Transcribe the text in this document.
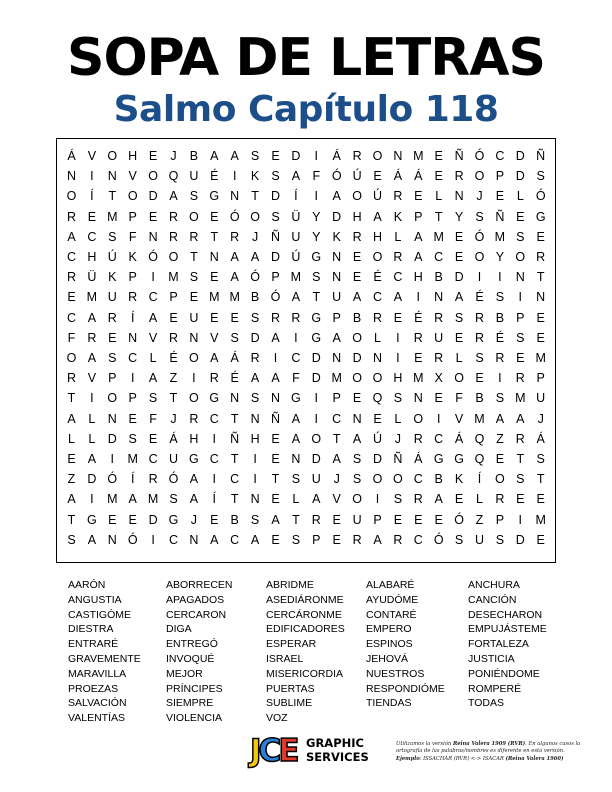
SOPA DE LETRAS
Salmo Capítulo 118
Á V O H E	J	B A A S E D	I	Á R O N M E Ñ Ó C D Ñ
N	I	N V O Q U É	I	K S A F Ó Ú E Á Á E R O P D S
O	Í	T O D A S G N T D	Í	I	A O Ú R E	L N	J	E	L Ó
R E M P E R O E Ó O S Ü Y D H A K P T Y S Ñ E G
A C S F N R R T R	J	Ñ U Y K R H L	A M E Ó M S E
C H Ú K Ó O T N A A D Ú G N E O R A C E O Y O R
R Ü K P	I	M S E A Ó P M S N E É C H B D	I	I	N T
E M U R C P E M M B Ó A T U A C A	I	N A É S	I	N
C A R	Í	A E U E E S R R G P B R E É R S R B P E
F R E N V R N V S D A	I	G A O L	I	R U E R É S E
O A S C L	É O A Á R	I	C D N D N	I	E R L	S R E M
R V P	I	A Z	I	R É A A F D M O O H M X O E	I	R P
T	I	O P S T O G N S N G	I	P E Q S N E F B S M U
A	L N E F	J	R C T N Ñ A	I	C N E	L O	I	V M A A	J
L	L D S E Á H	I	Ñ H E A O T A Ú	J	R C Á Q Z R Á
E A	I	M C U G C T	I	E N D A S D Ñ Á G G Q E T S
Z D Ó	Í	R Ó A	I	C	I	T S U	J	S O O C B K	Í	O S T
A	I	M A M S A	Í	T N E	L	A V O	I	S R A E	L R E E
T G E E D G J	E B S A T R E U P E E E Ó Z P	I	M
S A N Ó	I	C N A C A E S P E R A R C Ó S U S D E
AARÓN
ANGUSTIA
CASTIGÓME
DIESTRA
ENTRARÉ
GRAVEMENTE
MARAVILLA
PROEZAS
SALVACIÓN
VALENTÍAS
ABORRECEN
APAGADOS
CERCARON
DIGA
ENTREGÓ
INVOQUÉ
MEJOR
PRÍNCIPES
SIEMPRE
VIOLENCIA
ABRIDME
ASEDIÁRONME
CERCÁRONME
EDIFICADORES
ESPERAR
ISRAEL
MISERICORDIA
PUERTAS
SUBLIME
VOZ
ALABARÉ
AYUDÓME
CONTARÉ
EMPERO
ESPINOS
JEHOVÁ
NUESTROS
RESPONDIÓME
TIENDAS
ANCHURA
CANCIÓN
DESECHARON
EMPUJÁSTEME
FORTALEZA
JUSTICIA
PONIÉNDOME
ROMPERÉ
TODAS
JCE GRAPHIC
SERVICES
Utilizamos la versión Reina Valera 1909 (RVR). En algunos casos la ortografía de las palabras/nombres es diferente en esta versión. Ejemplo: ISSACHÁR (RVR) <-> ISACAR (Reina Valera 1960)
